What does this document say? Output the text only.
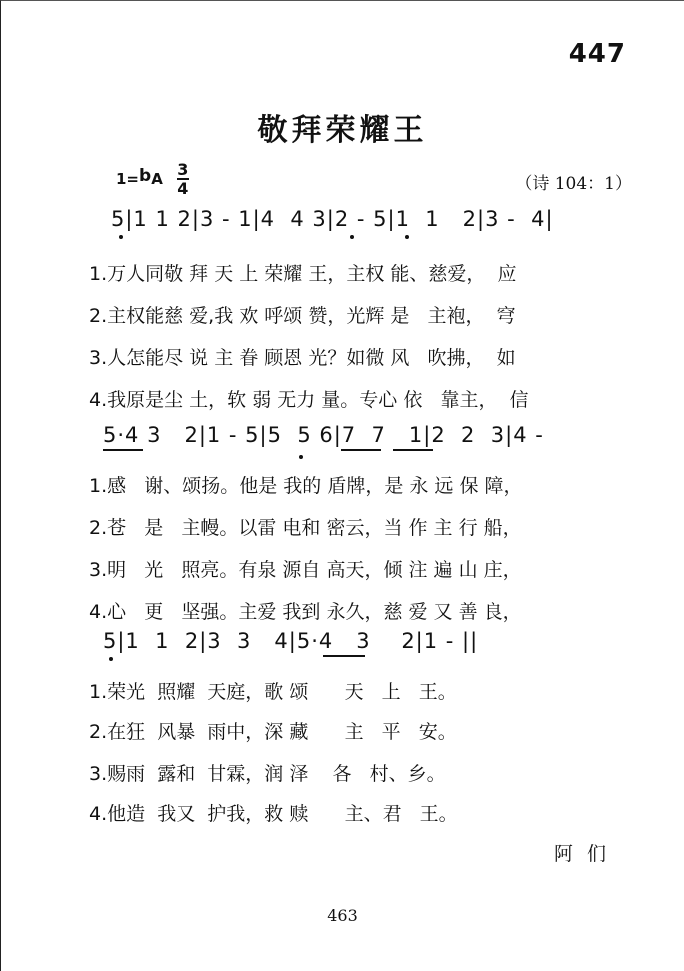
447
敬拜荣耀王
1=bA 3
4	（诗 104：1）
5|1 1 2|3 - 1|4  4 3|2 - 5|1  1   2|3 -  4|
1.万人同敬 拜 天 上 荣耀 王，主权 能、慈爱，  应
2.主权能慈 爱,我 欢 呼颂 赞，光辉 是   主袍，  穹
3.人怎能尽 说 主 眷 顾恩 光？如微 风   吹拂，  如
4.我原是尘 土，软 弱 无力 量。专心 依   靠主，  信
5·4 3   2|1 - 5|5  5 6|7  7   1|2  2  3|4 -
1.感   谢、颂扬。他是 我的 盾牌，是 永 远 保 障，
2.苍   是   主幔。以雷 电和 密云，当 作 主 行 船，
3.明   光   照亮。有泉 源自 高天，倾 注 遍 山 庄，
4.心   更   坚强。主爱 我到 永久，慈 爱 又 善 良，
5|1  1  2|3  3   4|5·4   3    2|1 - ||
1.荣光  照耀  天庭，歌 颂      天   上   王。
2.在狂  风暴  雨中，深 藏      主   平   安。
3.赐雨  露和  甘霖，润 泽    各   村、乡。
4.他造  我又  护我，救 赎      主、君   王。
阿们
463
